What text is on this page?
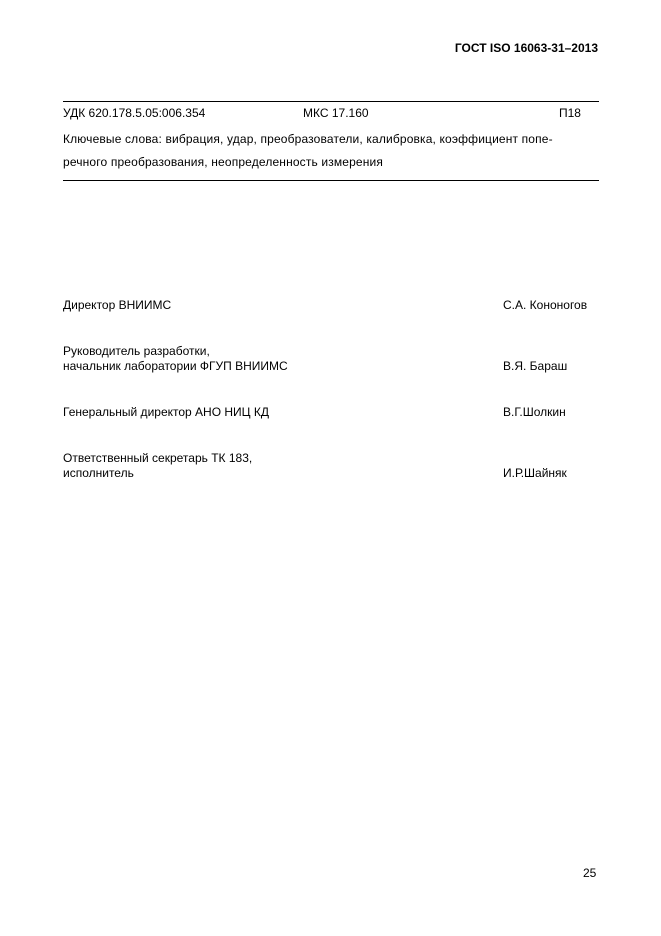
ГОСТ ISO 16063-31–2013
УДК 620.178.5.05:006.354	МКС 17.160	П18
Ключевые слова: вибрация, удар, преобразователи, калибровка, коэффициент попе-
речного преобразования, неопределенность измерения
Директор ВНИИМС	С.А. Кононогов
Руководитель разработки,
начальник лаборатории ФГУП ВНИИМС	В.Я. Бараш
Генеральный директор АНО НИЦ КД	В.Г.Шолкин
Ответственный секретарь ТК 183,
исполнитель	И.Р.Шайняк
25
